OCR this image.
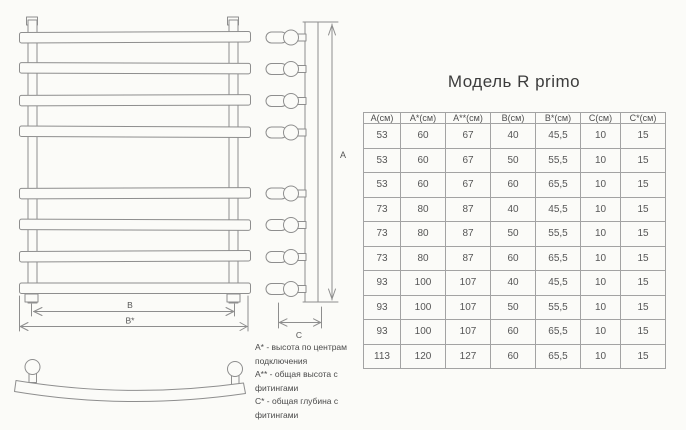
В
В*
А
С
Модель R primo
А(см)	А*(см)	А**(см)	В(см)	В*(см)	С(см)	С*(см)
53	60	67	40	45,5	10	15
53	60	67	50	55,5	10	15
53	60	67	60	65,5	10	15
73	80	87	40	45,5	10	15
73	80	87	50	55,5	10	15
73	80	87	60	65,5	10	15
93	100	107	40	45,5	10	15
93	100	107	50	55,5	10	15
93	100	107	60	65,5	10	15
113	120	127	60	65,5	10	15

А* - высота по центрам подключения

А** - общая высота с фитингами

С* - общая глубина с фитингами
